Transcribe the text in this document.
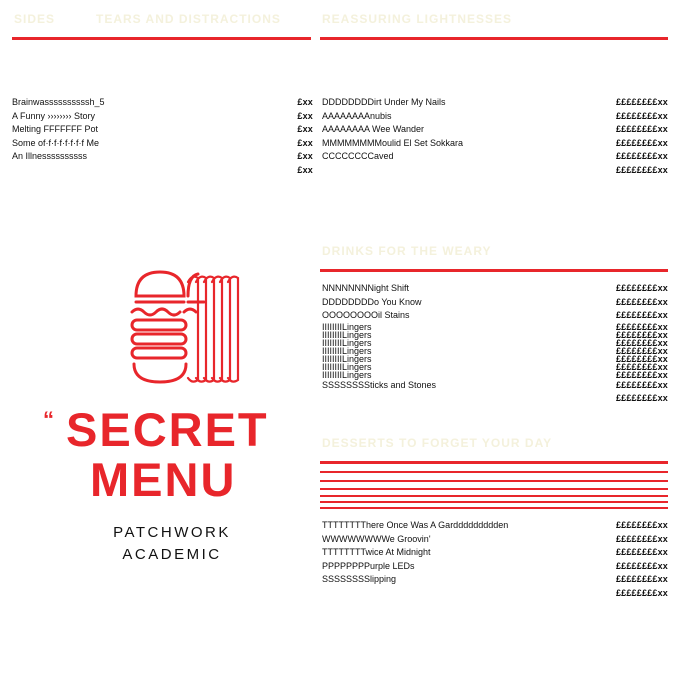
SIDES	TEARS AND DISTRACTIONS	REASSURING LIGHTNESSES
DRINKS FOR THE WEARY
DESSERTS TO FORGET YOUR DAY
Brainwassssssssssh_5	£xx
A Funny ›››››››› Story	£xx
Melting FFFFFFF Pot	£xx
Some of·f·f·f·f·f·f·f Me	£xx
An Illnessssssssss	£xx
£xx
DDDDDDDDirt Under My Nails	££££££££xx
AAAAAAAAnubis	££££££££xx
AAAAAAAA Wee Wander	££££££££xx
MMMMMMMMoulid El Set Sokkara	££££££££xx
CCCCCCCCaved	££££££££xx
££££££££xx
NNNNNNNNight Shift	££££££££xx
DDDDDDDDo You Know	££££££££xx
OOOOOOOOil Stains	££££££££xx
IIIIIIIILingers	££££££££xx
IIIIIIIILingers	££££££££xx
IIIIIIIILingers	££££££££xx
IIIIIIIILingers	££££££££xx
IIIIIIIILingers	££££££££xx
IIIIIIIILingers	££££££££xx
IIIIIIIILingers	££££££££xx
SSSSSSSSticks and Stones	££££££££xx
££££££££xx
TTTTTTTThere Once Was A Garddddddddden	££££££££xx
WWWWWWWWe Groovin'	££££££££xx
TTTTTTTTwice At Midnight	££££££££xx
PPPPPPPPurple LEDs	££££££££xx
SSSSSSSSlipping	££££££££xx
££££££££xx
“ SECRET
MENU
PATCHWORK
ACADEMIC
